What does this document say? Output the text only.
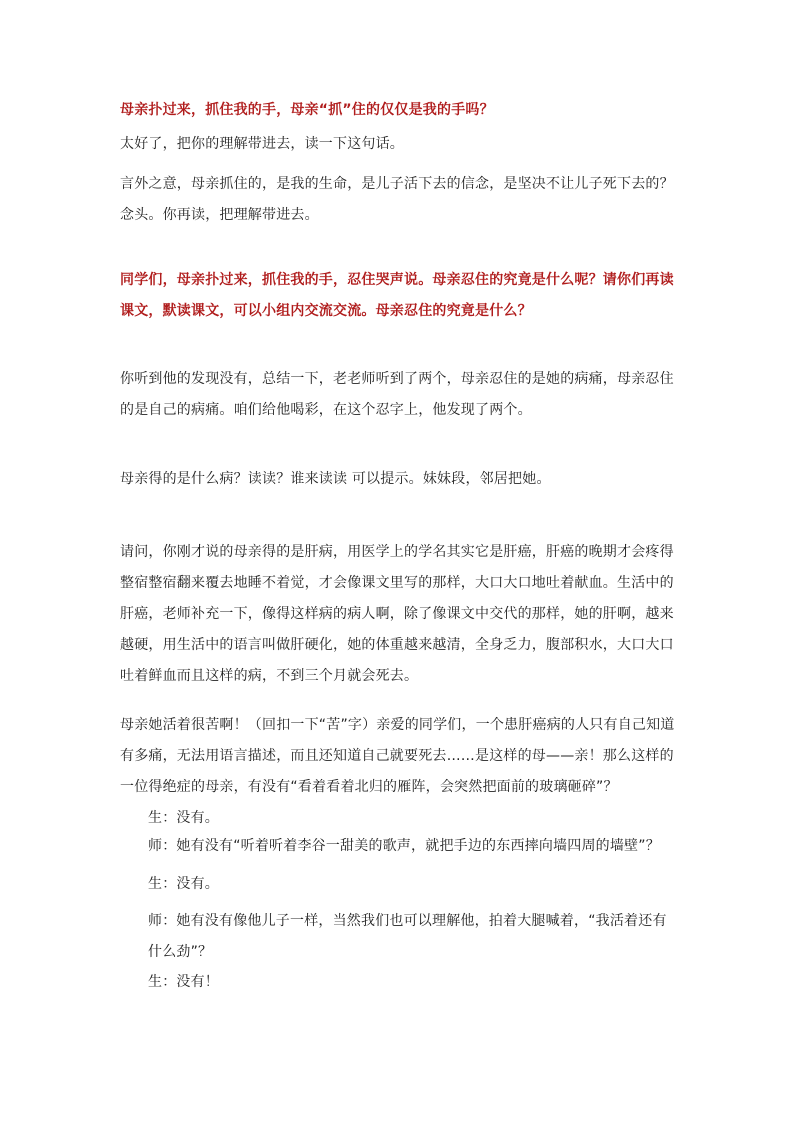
母亲扑过来，抓住我的手，母亲“抓”住的仅仅是我的手吗？

太好了，把你的理解带进去，读一下这句话。

言外之意，母亲抓住的，是我的生命，是儿子活下去的信念，是坚决不让儿子死下去的？念头。你再读，把理解带进去。

同学们，母亲扑过来，抓住我的手，忍住哭声说。母亲忍住的究竟是什么呢？请你们再读课文，默读课文，可以小组内交流交流。母亲忍住的究竟是什么？

你听到他的发现没有，总结一下，老老师听到了两个，母亲忍住的是她的病痛，母亲忍住的是自己的病痛。咱们给他喝彩，在这个忍字上，他发现了两个。

母亲得的是什么病？读读？谁来读读 可以提示。妹妹段，邻居把她。

请问，你刚才说的母亲得的是肝病，用医学上的学名其实它是肝癌，肝癌的晚期才会疼得整宿整宿翻来覆去地睡不着觉，才会像课文里写的那样，大口大口地吐着献血。生活中的肝癌，老师补充一下，像得这样病的病人啊，除了像课文中交代的那样，她的肝啊，越来越硬，用生活中的语言叫做肝硬化，她的体重越来越清，全身乏力，腹部积水，大口大口吐着鲜血而且这样的病，不到三个月就会死去。

母亲她活着很苦啊！（回扣一下“苦”字）亲爱的同学们，一个患肝癌病的人只有自己知道有多痛，无法用语言描述，而且还知道自己就要死去……是这样的母——亲！那么这样的一位得绝症的母亲，有没有“看着看着北归的雁阵，会突然把面前的玻璃砸碎”？

生：没有。

师：她有没有“听着听着李谷一甜美的歌声，就把手边的东西摔向墙四周的墙壁”？

生：没有。

师：她有没有像他儿子一样，当然我们也可以理解他，拍着大腿喊着，“我活着还有什么劲”？

生：没有！
